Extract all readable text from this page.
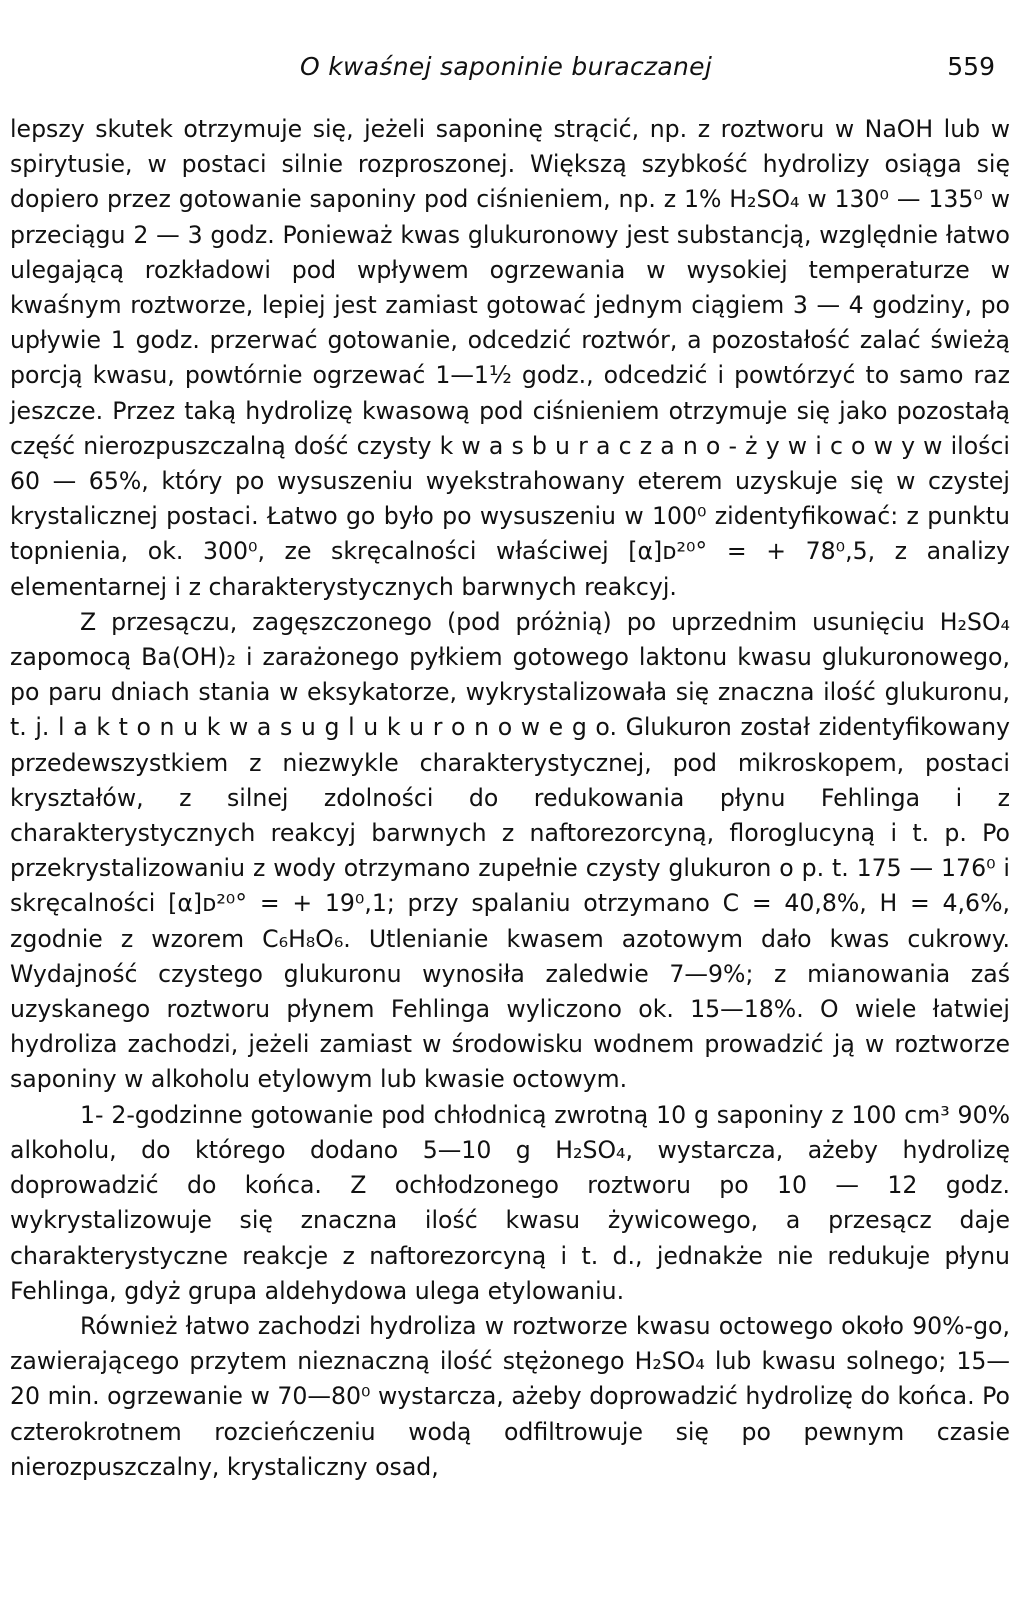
O kwaśnej saponinie buraczanej	559

lepszy skutek otrzymuje się, jeżeli saponinę strącić, np. z roztworu w NaOH lub w spirytusie, w postaci silnie rozproszonej. Większą szybkość hydrolizy osiąga się dopiero przez gotowanie saponiny pod ciśnieniem, np. z 1% H₂SO₄ w 130⁰ — 135⁰ w przeciągu 2 — 3 godz. Ponieważ kwas glukuronowy jest substancją, względnie łatwo ulegającą rozkładowi pod wpływem ogrzewania w wysokiej temperaturze w kwaśnym roztworze, lepiej jest zamiast gotować jednym ciągiem 3 — 4 godziny, po upływie 1 godz. przerwać gotowanie, odcedzić roztwór, a pozostałość zalać świeżą porcją kwasu, powtórnie ogrzewać 1—1½ godz., odcedzić i powtórzyć to samo raz jeszcze. Przez taką hydrolizę kwasową pod ciśnieniem otrzymuje się jako pozostałą część nierozpuszczalną dość czysty k w a s b u r a c z a n o - ż y w i c o w y w ilości 60 — 65%, który po wysuszeniu wyekstrahowany eterem uzyskuje się w czystej krystalicznej postaci. Łatwo go było po wysuszeniu w 100⁰ zidentyfikować: z punktu topnienia, ok. 300⁰, ze skręcalności właściwej [α]ᴅ²⁰° = + 78⁰,5, z analizy elementarnej i z charakterystycznych barwnych reakcyj.

Z przesączu, zagęszczonego (pod próżnią) po uprzednim usunięciu H₂SO₄ zapomocą Ba(OH)₂ i zarażonego pyłkiem gotowego laktonu kwasu glukuronowego, po paru dniach stania w eksykatorze, wykrystalizowała się znaczna ilość glukuronu, t. j. l a k t o n u k w a s u g l u k u r o n o w e g o. Glukuron został zidentyfikowany przedewszystkiem z niezwykle charakterystycznej, pod mikroskopem, postaci kryształów, z silnej zdolności do redukowania płynu Fehlinga i z charakterystycznych reakcyj barwnych z naftorezorcyną, floroglucyną i t. p. Po przekrystalizowaniu z wody otrzymano zupełnie czysty glukuron o p. t. 175 — 176⁰ i skręcalności [α]ᴅ²⁰° = + 19⁰,1; przy spalaniu otrzymano C = 40,8%, H = 4,6%, zgodnie z wzorem C₆H₈O₆. Utlenianie kwasem azotowym dało kwas cukrowy. Wydajność czystego glukuronu wynosiła zaledwie 7—9%; z mianowania zaś uzyskanego roztworu płynem Fehlinga wyliczono ok. 15—18%. O wiele łatwiej hydroliza zachodzi, jeżeli zamiast w środowisku wodnem prowadzić ją w roztworze saponiny w alkoholu etylowym lub kwasie octowym.

1- 2-godzinne gotowanie pod chłodnicą zwrotną 10 g saponiny z 100 cm³ 90% alkoholu, do którego dodano 5—10 g H₂SO₄, wystarcza, ażeby hydrolizę doprowadzić do końca. Z ochłodzonego roztworu po 10 — 12 godz. wykrystalizowuje się znaczna ilość kwasu żywicowego, a przesącz daje charakterystyczne reakcje z naftorezorcyną i t. d., jednakże nie redukuje płynu Fehlinga, gdyż grupa aldehydowa ulega etylowaniu.

Również łatwo zachodzi hydroliza w roztworze kwasu octowego około 90%-go, zawierającego przytem nieznaczną ilość stężonego H₂SO₄ lub kwasu solnego; 15—20 min. ogrzewanie w 70—80⁰ wystarcza, ażeby doprowadzić hydrolizę do końca. Po czterokrotnem rozcieńczeniu wodą odfiltrowuje się po pewnym czasie nierozpuszczalny, krystaliczny osad,
